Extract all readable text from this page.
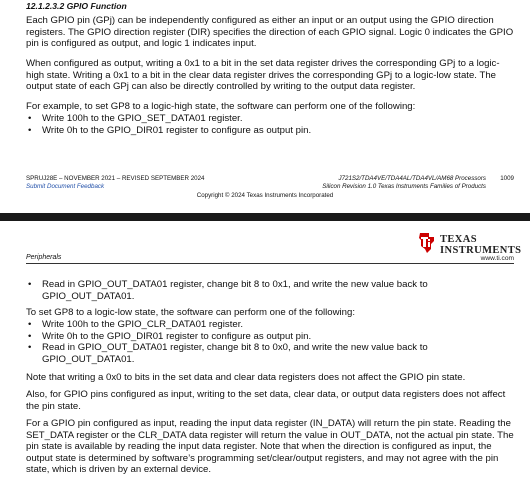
12.1.2.3.2 GPIO Function

Each GPIO pin (GPj) can be independently configured as either an input or an output using the GPIO direction registers. The GPIO direction register (DIR) specifies the direction of each GPIO signal. Logic 0 indicates the GPIO pin is configured as output, and logic 1 indicates input.

When configured as output, writing a 0x1 to a bit in the set data register drives the corresponding GPj to a logic-high state. Writing a 0x1 to a bit in the clear data register drives the corresponding GPj to a logic-low state. The output state of each GPj can also be directly controlled by writing to the output data register.

For example, to set GP8 to a logic-high state, the software can perform one of the following:

• Write 100h to the GPIO_SET_DATA01 register.
• Write 0h to the GPIO_DIR01 register to configure as output pin.
SPRUJ28E – NOVEMBER 2021 – REVISED SEPTEMBER 2024
Submit Document Feedback
J721S2/TDA4VE/TDA4AL/TDA4VL/AM68 Processors
Silicon Revision 1.0 Texas Instruments Families of Products
1009
Copyright © 2024 Texas Instruments Incorporated
TEXAS
INSTRUMENTS
Peripherals	www.ti.com
• Read in GPIO_OUT_DATA01 register, change bit 8 to 0x1, and write the new value back to GPIO_OUT_DATA01.

To set GP8 to a logic-low state, the software can perform one of the following:

• Write 100h to the GPIO_CLR_DATA01 register.
• Write 0h to the GPIO_DIR01 register to configure as output pin.
• Read in GPIO_OUT_DATA01 register, change bit 8 to 0x0, and write the new value back to GPIO_OUT_DATA01.

Note that writing a 0x0 to bits in the set data and clear data registers does not affect the GPIO pin state.

Also, for GPIO pins configured as input, writing to the set data, clear data, or output data registers does not affect the pin state.

For a GPIO pin configured as input, reading the input data register (IN_DATA) will return the pin state. Reading the SET_DATA register or the CLR_DATA data register will return the value in OUT_DATA, not the actual pin state. The pin state is available by reading the input data register. Note that when the direction is configured as input, the output state is determined by software’s programming set/clear/output registers, and may not agree with the pin state, which is driven by an external device.
